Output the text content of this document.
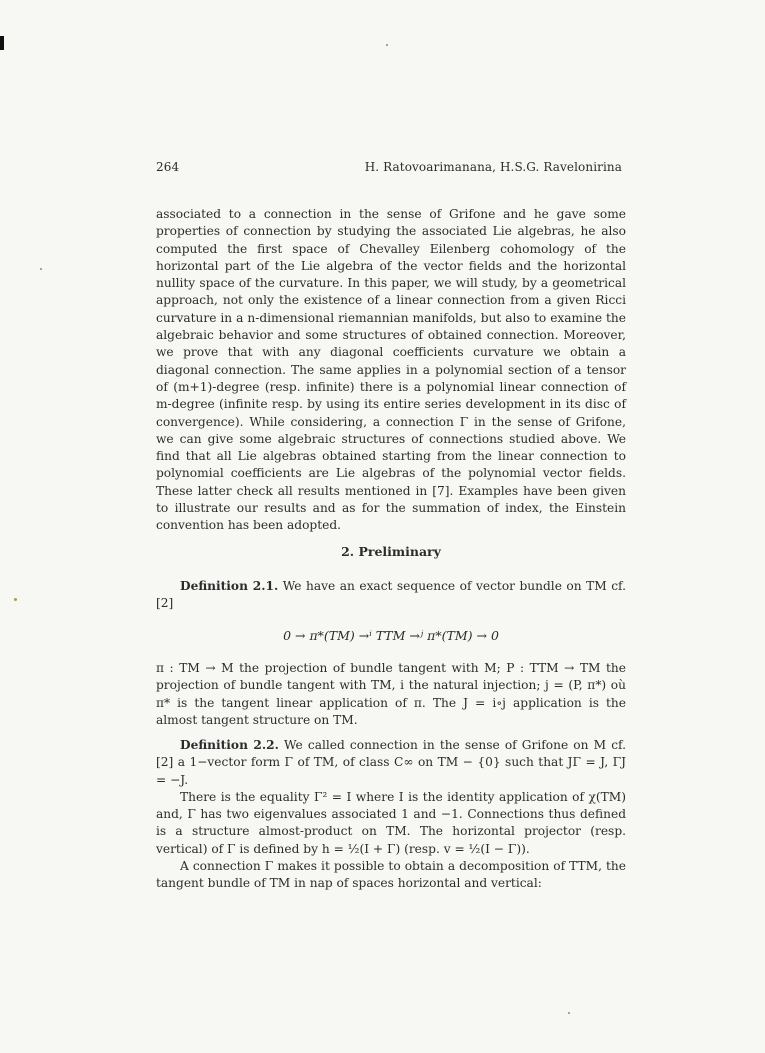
264	H. Ratovoarimanana, H.S.G. Ravelonirina

associated to a connection in the sense of Grifone and he gave some properties of connection by studying the associated Lie algebras, he also computed the first space of Chevalley Eilenberg cohomology of the horizontal part of the Lie algebra of the vector fields and the horizontal nullity space of the curvature. In this paper, we will study, by a geometrical approach, not only the existence of a linear connection from a given Ricci curvature in a n-dimensional riemannian manifolds, but also to examine the algebraic behavior and some structures of obtained connection. Moreover, we prove that with any diagonal coefficients curvature we obtain a diagonal connection. The same applies in a polynomial section of a tensor of (m+1)-degree (resp. infinite) there is a polynomial linear connection of m-degree (infinite resp. by using its entire series development in its disc of convergence). While considering, a connection Γ in the sense of Grifone, we can give some algebraic structures of connections studied above. We find that all Lie algebras obtained starting from the linear connection to polynomial coefficients are Lie algebras of the polynomial vector fields. These latter check all results mentioned in [7]. Examples have been given to illustrate our results and as for the summation of index, the Einstein convention has been adopted.

2. Preliminary

Definition 2.1. We have an exact sequence of vector bundle on TM cf. [2]

0 → π*(TM) →ⁱ TTM →ʲ π*(TM) → 0

π : TM → M the projection of bundle tangent with M; P : TTM → TM the projection of bundle tangent with TM, i the natural injection; j = (P, π*) où π* is the tangent linear application of π. The J = i∘j application is the almost tangent structure on TM.

Definition 2.2. We called connection in the sense of Grifone on M cf.[2] a 1−vector form Γ of TM, of class C∞ on TM − {0} such that JΓ = J, ΓJ = −J.

There is the equality Γ² = I where I is the identity application of χ(TM) and, Γ has two eigenvalues associated 1 and −1. Connections thus defined is a structure almost-product on TM. The horizontal projector (resp. vertical) of Γ is defined by h = ½(I + Γ) (resp. v = ½(I − Γ)).

A connection Γ makes it possible to obtain a decomposition of TTM, the tangent bundle of TM in nap of spaces horizontal and vertical:
